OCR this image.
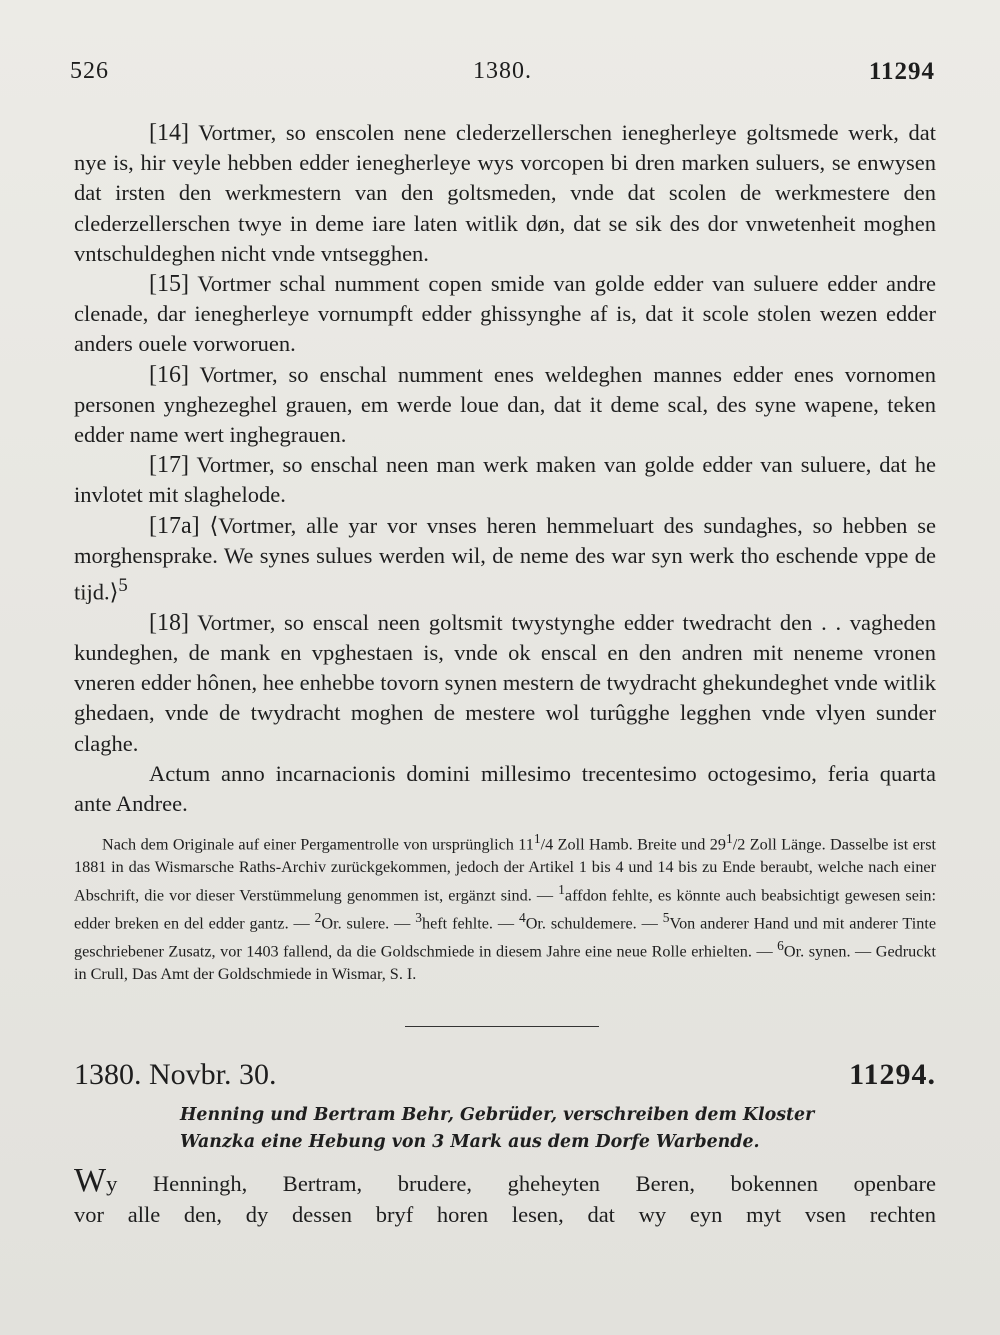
526	1380.	11294

[14] Vortmer, so enscolen nene clederzellerschen ienegherleye goltsmede werk, dat nye is, hir veyle hebben edder ienegherleye wys vorcopen bi dren marken suluers, se enwysen dat irsten den werkmestern van den goltsmeden, vnde dat scolen de werkmestere den clederzellerschen twye in deme iare laten witlik døn, dat se sik des dor vnwetenheit moghen vntschuldeghen nicht vnde vntsegghen.

[15] Vortmer schal numment copen smide van golde edder van suluere edder andre clenade, dar ienegherleye vornumpft edder ghissynghe af is, dat it scole stolen wezen edder anders ouele vorworuen.

[16] Vortmer, so enschal numment enes weldeghen mannes edder enes vornomen personen ynghezeghel grauen, em werde loue dan, dat it deme scal, des syne wapene, teken edder name wert inghegrauen.

[17] Vortmer, so enschal neen man werk maken van golde edder van suluere, dat he invlotet mit slaghelode.

[17a] ⟨Vortmer, alle yar vor vnses heren hemmeluart des sundaghes, so hebben se morghensprake. We synes sulues werden wil, de neme des war syn werk tho eschende vppe de tijd.⟩$^5$

[18] Vortmer, so enscal neen goltsmit twystynghe edder twedracht den . . vagheden kundeghen, de mank en vpghestaen is, vnde ok enscal en den andren mit neneme vronen vneren edder hônen, hee enhebbe tovorn synen mestern de twydracht ghekundeghet vnde witlik ghedaen, vnde de twydracht moghen de mestere wol turûgghe legghen vnde vlyen sunder claghe.

Actum anno incarnacionis domini millesimo trecentesimo octogesimo, feria quarta ante Andree.

Nach dem Originale auf einer Pergamentrolle von ursprünglich $11^1/4$ Zoll Hamb. Breite und $29^1/2$ Zoll Länge. Dasselbe ist erst 1881 in das Wismarsche Raths-Archiv zurückgekommen, jedoch der Artikel 1 bis 4 und 14 bis zu Ende beraubt, welche nach einer Abschrift, die vor dieser Verstümmelung genommen ist, ergänzt sind. — $^1$affdon fehlte, es könnte auch beabsichtigt gewesen sein: edder breken en del edder gantz. — $^2$Or. sulere. — $^3$heft fehlte. — $^4$Or. schuldemere. — $^5$Von anderer Hand und mit anderer Tinte geschriebener Zusatz, vor 1403 fallend, da die Goldschmiede in diesem Jahre eine neue Rolle erhielten. — $^6$Or. synen. — Gedruckt in Crull, Das Amt der Goldschmiede in Wismar, S. I.

1380. Novbr. 30.	11294.
Henning und Bertram Behr, Gebrüder, verschreiben dem Kloster
Wanzka eine Hebung von 3 Mark aus dem Dorfe Warbende.
Wy Henningh, Bertram, brudere, gheheyten Beren, bokennen openbare
vor alle den, dy dessen bryf horen lesen, dat wy eyn myt vsen rechten
